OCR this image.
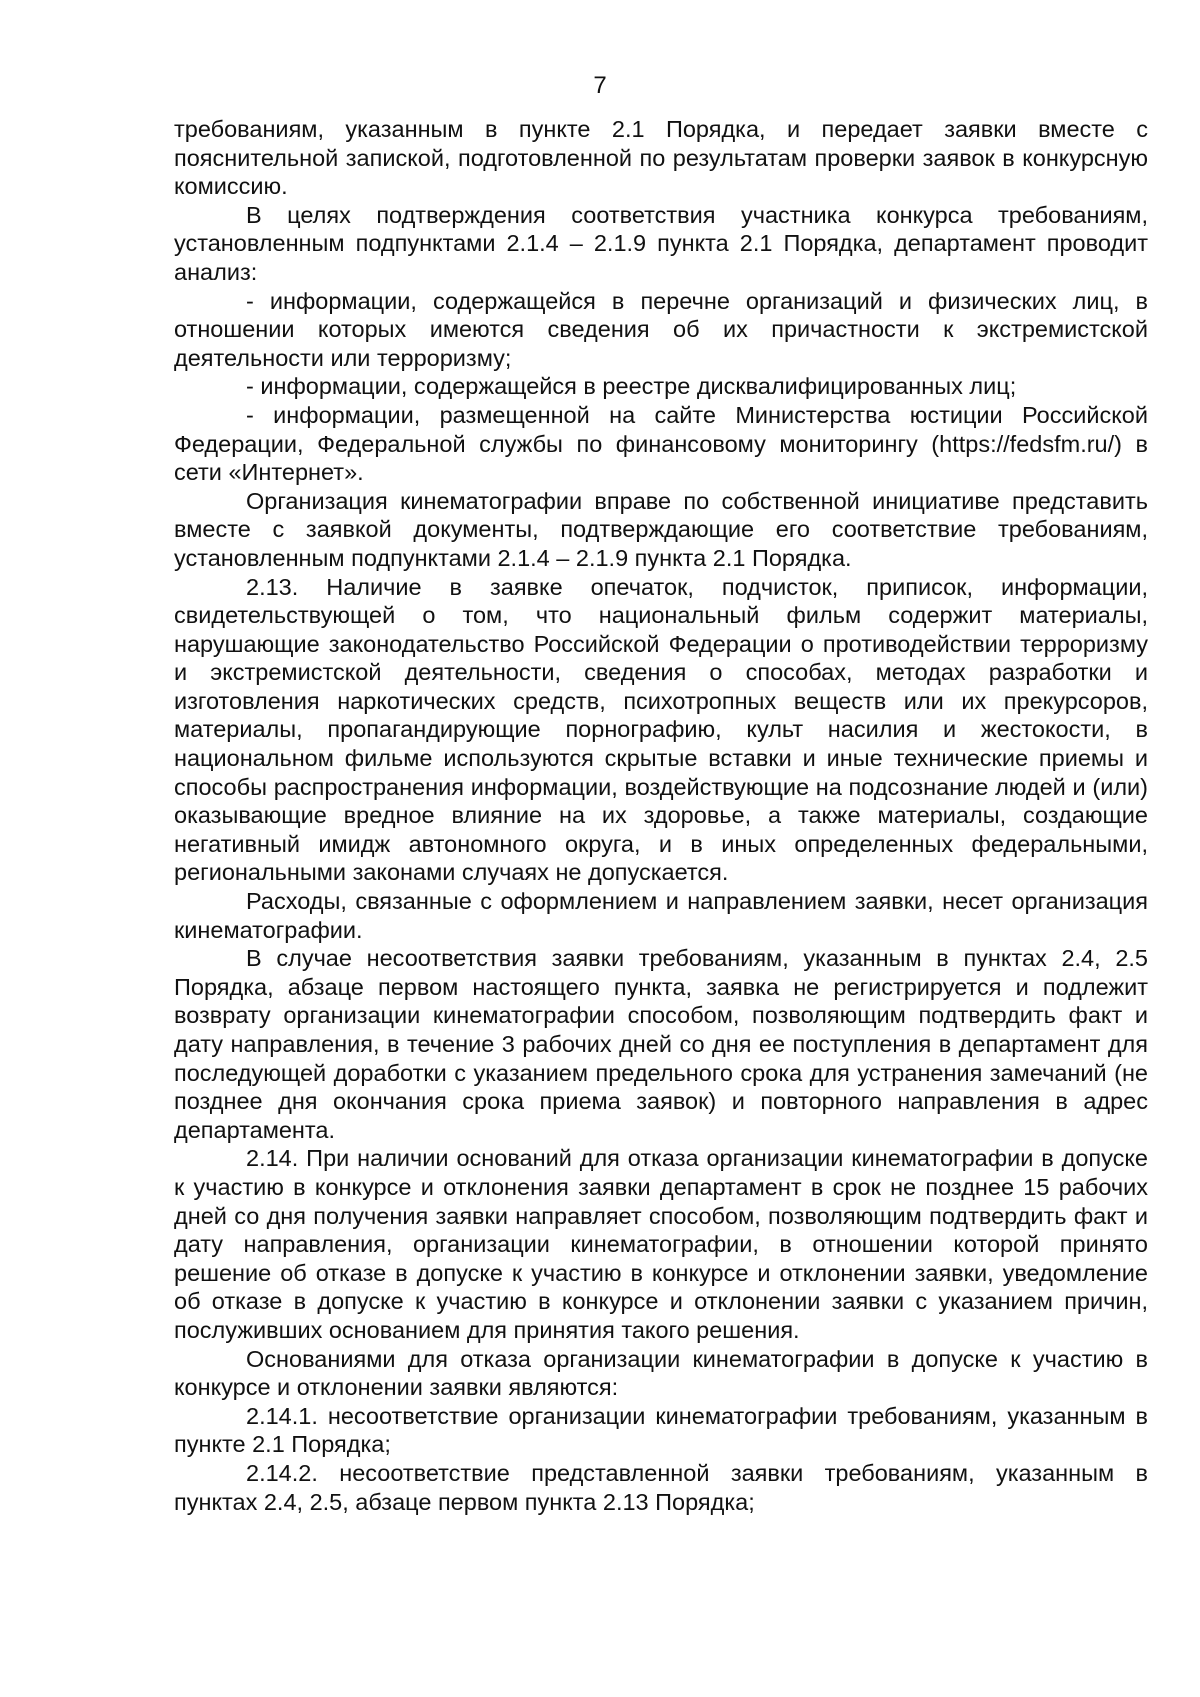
7

требованиям, указанным в пункте 2.1 Порядка, и передает заявки вместе с пояснительной запиской, подготовленной по результатам проверки заявок в конкурсную комиссию.

В целях подтверждения соответствия участника конкурса требованиям, установленным подпунктами 2.1.4 – 2.1.9 пункта 2.1 Порядка, департамент проводит анализ:

- информации, содержащейся в перечне организаций и физических лиц, в отношении которых имеются сведения об их причастности к экстремистской деятельности или терроризму;

- информации, содержащейся в реестре дисквалифицированных лиц;

- информации, размещенной на сайте Министерства юстиции Российской Федерации, Федеральной службы по финансовому мониторингу (https://fedsfm.ru/) в сети «Интернет».

Организация кинематографии вправе по собственной инициативе представить вместе с заявкой документы, подтверждающие его соответствие требованиям, установленным подпунктами 2.1.4 – 2.1.9 пункта 2.1 Порядка.

2.13. Наличие в заявке опечаток, подчисток, приписок, информации, свидетельствующей о том, что национальный фильм содержит материалы, нарушающие законодательство Российской Федерации о противодействии терроризму и экстремистской деятельности, сведения о способах, методах разработки и изготовления наркотических средств, психотропных веществ или их прекурсоров, материалы, пропагандирующие порнографию, культ насилия и жестокости, в национальном фильме используются скрытые вставки и иные технические приемы и способы распространения информации, воздействующие на подсознание людей и (или) оказывающие вредное влияние на их здоровье, а также материалы, создающие негативный имидж автономного округа, и в иных определенных федеральными, региональными законами случаях не допускается.

Расходы, связанные с оформлением и направлением заявки, несет организация кинематографии.

В случае несоответствия заявки требованиям, указанным в пунктах 2.4, 2.5 Порядка, абзаце первом настоящего пункта, заявка не регистрируется и подлежит возврату организации кинематографии способом, позволяющим подтвердить факт и дату направления, в течение 3 рабочих дней со дня ее поступления в департамент для последующей доработки с указанием предельного срока для устранения замечаний (не позднее дня окончания срока приема заявок) и повторного направления в адрес департамента.

2.14. При наличии оснований для отказа организации кинематографии в допуске к участию в конкурсе и отклонения заявки департамент в срок не позднее 15 рабочих дней со дня получения заявки направляет способом, позволяющим подтвердить факт и дату направления, организации кинематографии, в отношении которой принято решение об отказе в допуске к участию в конкурсе и отклонении заявки, уведомление об отказе в допуске к участию в конкурсе и отклонении заявки с указанием причин, послуживших основанием для принятия такого решения.

Основаниями для отказа организации кинематографии в допуске к участию в конкурсе и отклонении заявки являются:

2.14.1. несоответствие организации кинематографии требованиям, указанным в пункте 2.1 Порядка;

2.14.2. несоответствие представленной заявки требованиям, указанным в пунктах 2.4, 2.5, абзаце первом пункта 2.13 Порядка;
